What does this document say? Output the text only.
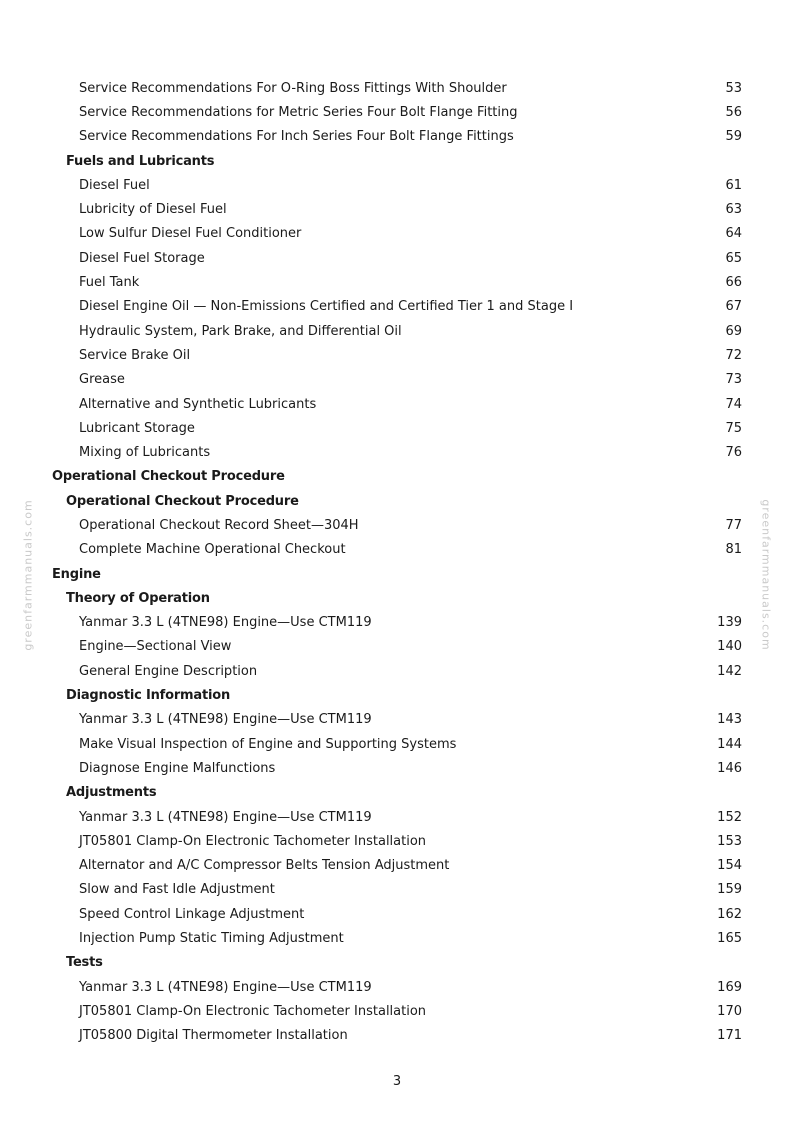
greenfarmmanuals.com	greenfarmmanuals.com
Service Recommendations For O-Ring Boss Fittings With Shoulder	53
Service Recommendations for Metric Series Four Bolt Flange Fitting	56
Service Recommendations For Inch Series Four Bolt Flange Fittings	59
Fuels and Lubricants
Diesel Fuel	61
Lubricity of Diesel Fuel	63
Low Sulfur Diesel Fuel Conditioner	64
Diesel Fuel Storage	65
Fuel Tank	66
Diesel Engine Oil — Non-Emissions Certified and Certified Tier 1 and Stage I	67
Hydraulic System, Park Brake, and Differential Oil	69
Service Brake Oil	72
Grease	73
Alternative and Synthetic Lubricants	74
Lubricant Storage	75
Mixing of Lubricants	76
Operational Checkout Procedure
Operational Checkout Procedure
Operational Checkout Record Sheet—304H	77
Complete Machine Operational Checkout	81
Engine
Theory of Operation
Yanmar 3.3 L (4TNE98) Engine—Use CTM119	139
Engine—Sectional View	140
General Engine Description	142
Diagnostic Information
Yanmar 3.3 L (4TNE98) Engine—Use CTM119	143
Make Visual Inspection of Engine and Supporting Systems	144
Diagnose Engine Malfunctions	146
Adjustments
Yanmar 3.3 L (4TNE98) Engine—Use CTM119	152
JT05801 Clamp-On Electronic Tachometer Installation	153
Alternator and A/C Compressor Belts Tension Adjustment	154
Slow and Fast Idle Adjustment	159
Speed Control Linkage Adjustment	162
Injection Pump Static Timing Adjustment	165
Tests
Yanmar 3.3 L (4TNE98) Engine—Use CTM119	169
JT05801 Clamp-On Electronic Tachometer Installation	170
JT05800 Digital Thermometer Installation	171
3
